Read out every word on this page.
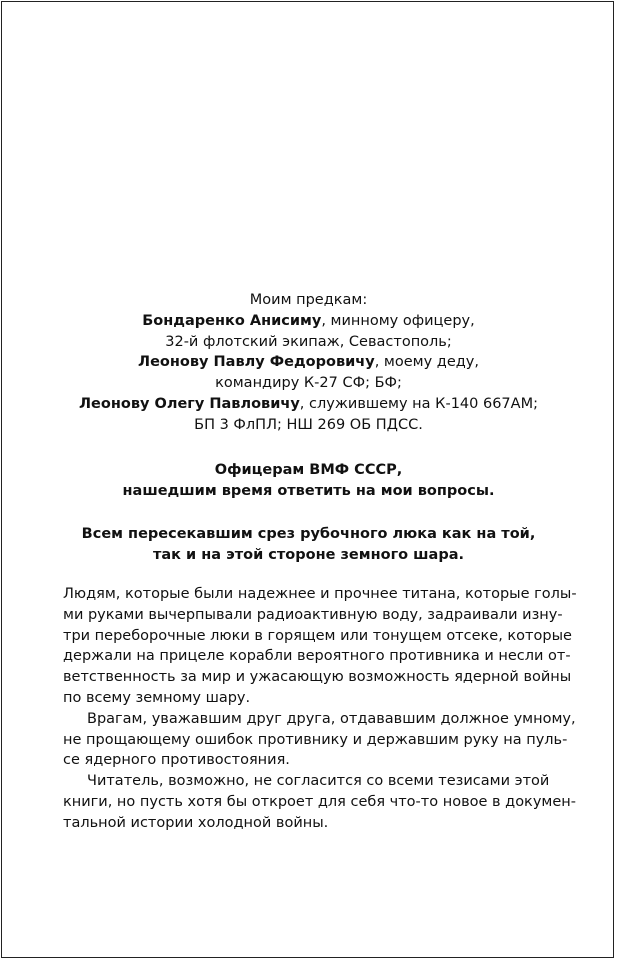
Моим предкам:
Бондаренко Анисиму, минному офицеру,
32-й флотский экипаж, Севастополь;
Леонову Павлу Федоровичу, моему деду,
командиру К-27 СФ; БФ;
Леонову Олегу Павловичу, служившему на К-140 667АМ;
БП 3 ФлПЛ; НШ 269 ОБ ПДСС.
Офицерам ВМФ СССР,
нашедшим время ответить на мои вопросы.
Всем пересекавшим срез рубочного люка как на той,
так и на этой стороне земного шара.
Людям, которые были надежнее и прочнее титана, которые голы-
ми руками вычерпывали радиоактивную воду, задраивали изну-
три переборочные люки в горящем или тонущем отсеке, которые
держали на прицеле корабли вероятного противника и несли от-
ветственность за мир и ужасающую возможность ядерной войны
по всему земному шару.
Врагам, уважавшим друг друга, отдававшим должное умному,
не прощающему ошибок противнику и державшим руку на пуль-
се ядерного противостояния.
Читатель, возможно, не согласится со всеми тезисами этой
книги, но пусть хотя бы откроет для себя что-то новое в докумен-
тальной истории холодной войны.
